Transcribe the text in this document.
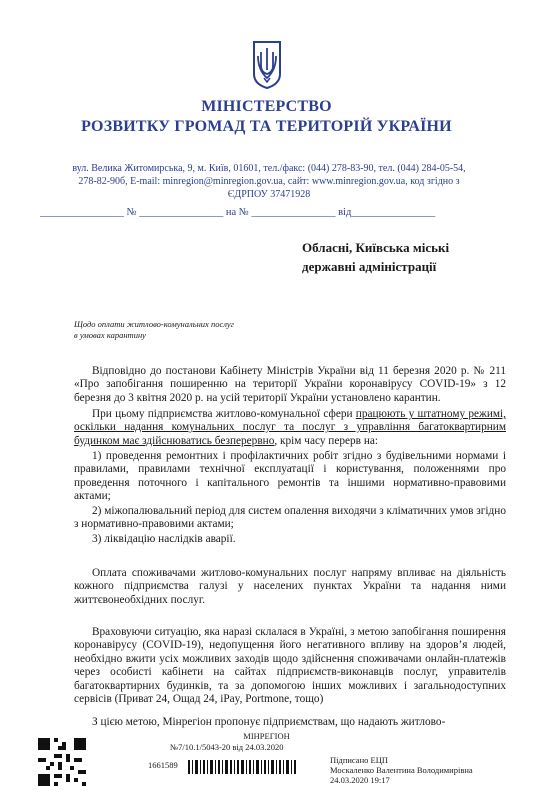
МІНІСТЕРСТВО
РОЗВИТКУ ГРОМАД ТА ТЕРИТОРІЙ УКРАЇНИ
вул. Велика Житомирська, 9, м. Київ, 01601, тел./факс: (044) 278-83-90, тел. (044) 284-05-54,
278-82-90б, E-mail: minregion@minregion.gov.ua, сайт: www.minregion.gov.ua, код згідно з
ЄДРПОУ 37471928
________________ № ________________ на № ________________ від________________
Обласні, Київська міські
державні адміністрації
Щодо оплати житлово-комунальних послуг
в умовах карантину
Відповідно до постанови Кабінету Міністрів України від 11 березня 2020 р. № 211 «Про запобігання поширенню на території України коронавірусу COVID-19» з 12 березня до 3 квітня 2020 р. на усій території України установлено карантин.
При цьому підприємства житлово-комунальної сфери працюють у штатному режимі, оскільки надання комунальних послуг та послуг з управління багатоквартирним будинком має здійснюватись безперервно, крім часу перерв на:
1) проведення ремонтних і профілактичних робіт згідно з будівельними нормами і правилами, правилами технічної експлуатації і користування, положеннями про проведення поточного і капітального ремонтів та іншими нормативно-правовими актами;
2) міжопалювальний період для систем опалення виходячи з кліматичних умов згідно з нормативно-правовими актами;
3) ліквідацію наслідків аварії.
Оплата споживачами житлово-комунальних послуг напряму впливає на діяльність кожного підприємства галузі у населених пунктах України та надання ними життєвонеобхідних послуг.
Враховуючи ситуацію, яка наразі склалася в Україні, з метою запобігання поширення коронавірусу (COVID-19), недопущення його негативного впливу на здоров’я людей, необхідно вжити усіх можливих заходів щодо здійснення споживачами онлайн-платежів через особисті кабінети на сайтах підприємств-виконавців послуг, управителів багатоквартирних будинків, та за допомогою інших можливих і загальнодоступних сервісів (Приват 24, Ощад 24, iPay, Portmone, тощо)
З цією метою, Мінрегіон пропонує підприємствам, що надають житлово-
МІНРЕГІОН
№7/10.1/5043-20 від 24.03.2020
1661589	Підписано ЕЦП
Москаленко Валентина Володимирівна
24.03.2020 19:17
